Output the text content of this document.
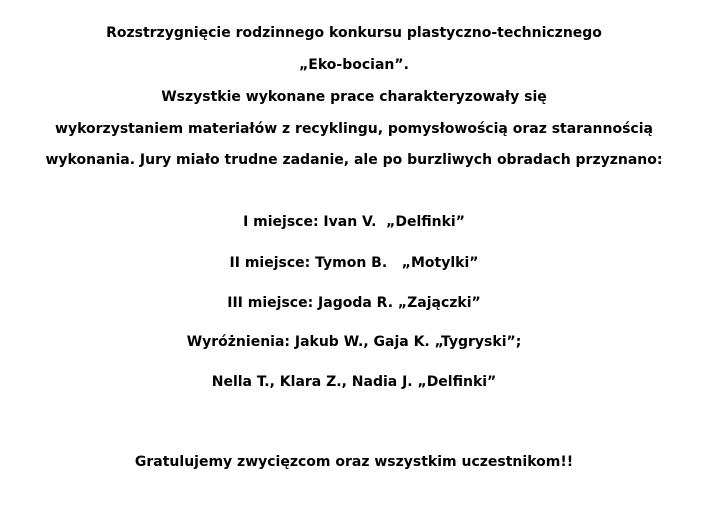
Rozstrzygnięcie rodzinnego konkursu plastyczno-technicznego
„Eko-bocian”.
Wszystkie wykonane prace charakteryzowały się
wykorzystaniem materiałów z recyklingu, pomysłowością oraz starannością
wykonania. Jury miało trudne zadanie, ale po burzliwych obradach przyznano:
I miejsce: Ivan V.  „Delfinki”
II miejsce: Tymon B.   „Motylki”
III miejsce: Jagoda R. „Zajączki”
Wyróżnienia: Jakub W., Gaja K. „Tygryski”;
Nella T., Klara Z., Nadia J. „Delfinki”
Gratulujemy zwycięzcom oraz wszystkim uczestnikom!!
